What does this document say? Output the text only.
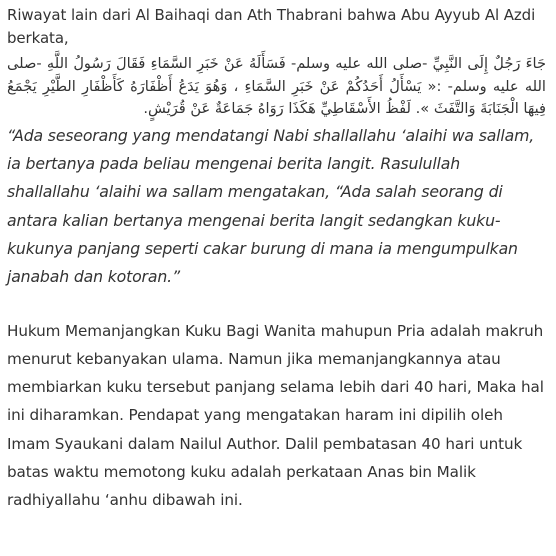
Riwayat lain dari Al Baihaqi dan Ath Thabrani bahwa Abu Ayyub Al Azdi berkata,

جَاءَ رَجُلٌ إِلَى النَّبِيِّ -صلى الله عليه وسلم- فَسَأَلَهُ عَنْ خَبَرِ السَّمَاءِ فَقَالَ رَسُولُ اللَّهِ -صلى الله عليه وسلم- :« يَسْأَلُ أَحَدُكُمْ عَنْ خَبَرِ السَّمَاءِ ، وَهُوَ يَدَعُ أَظْفَارَهُ كَأَظْفَارِ الطَّيْرِ يَجْمَعُ فِيهَا الْجَنَابَةَ وَالتَّفَثَ ». لَفْظُ الأَسْقَاطِيِّ هَكَذَا رَوَاهُ جَمَاعَةٌ عَنْ قُرَيْشٍ.

“Ada seseorang yang mendatangi Nabi shallallahu ‘alaihi wa sallam, ia bertanya pada beliau mengenai berita langit. Rasulullah shallallahu ‘alaihi wa sallam mengatakan, “Ada salah seorang di antara kalian bertanya mengenai berita langit sedangkan kuku-kukunya panjang seperti cakar burung di mana ia mengumpulkan janabah dan kotoran.”

Hukum Memanjangkan Kuku Bagi Wanita mahupun Pria adalah makruh menurut kebanyakan ulama. Namun jika memanjangkannya atau membiarkan kuku tersebut panjang selama lebih dari 40 hari, Maka hal ini diharamkan. Pendapat yang mengatakan haram ini dipilih oleh Imam Syaukani dalam Nailul Author. Dalil pembatasan 40 hari untuk batas waktu memotong kuku adalah perkataan Anas bin Malik radhiyallahu ‘anhu dibawah ini.
